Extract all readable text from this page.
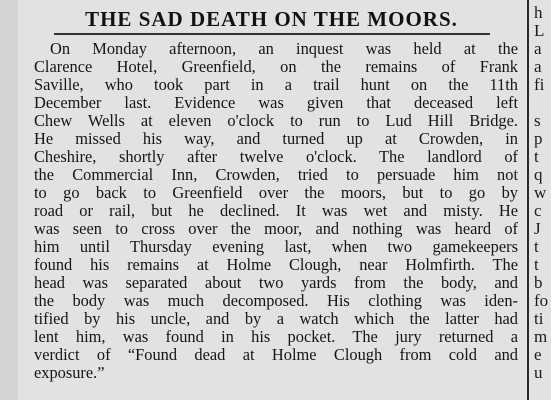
THE SAD DEATH ON THE MOORS.
On Monday afternoon, an inquest was held at the
Clarence Hotel, Greenfield, on the remains of Frank
Saville, who took part in a trail hunt on the 11th
December last. Evidence was given that deceased left
Chew Wells at eleven o'clock to run to Lud Hill Bridge.
He missed his way, and turned up at Crowden, in
Cheshire, shortly after twelve o'clock. The landlord of
the Commercial Inn, Crowden, tried to persuade him not
to go back to Greenfield over the moors, but to go by
road or rail, but he declined. It was wet and misty. He
was seen to cross over the moor, and nothing was heard of
him until Thursday evening last, when two gamekeepers
found his remains at Holme Clough, near Holmfirth. The
head was separated about two yards from the body, and
the body was much decomposed. His clothing was iden-
tified by his uncle, and by a watch which the latter had
lent him, was found in his pocket. The jury returned a
verdict of “Found dead at Holme Clough from cold and
exposure.”
h
L
a
a
fi
s
p
t
q
w
c
J
t
t
b
fo
ti
m
e
u
